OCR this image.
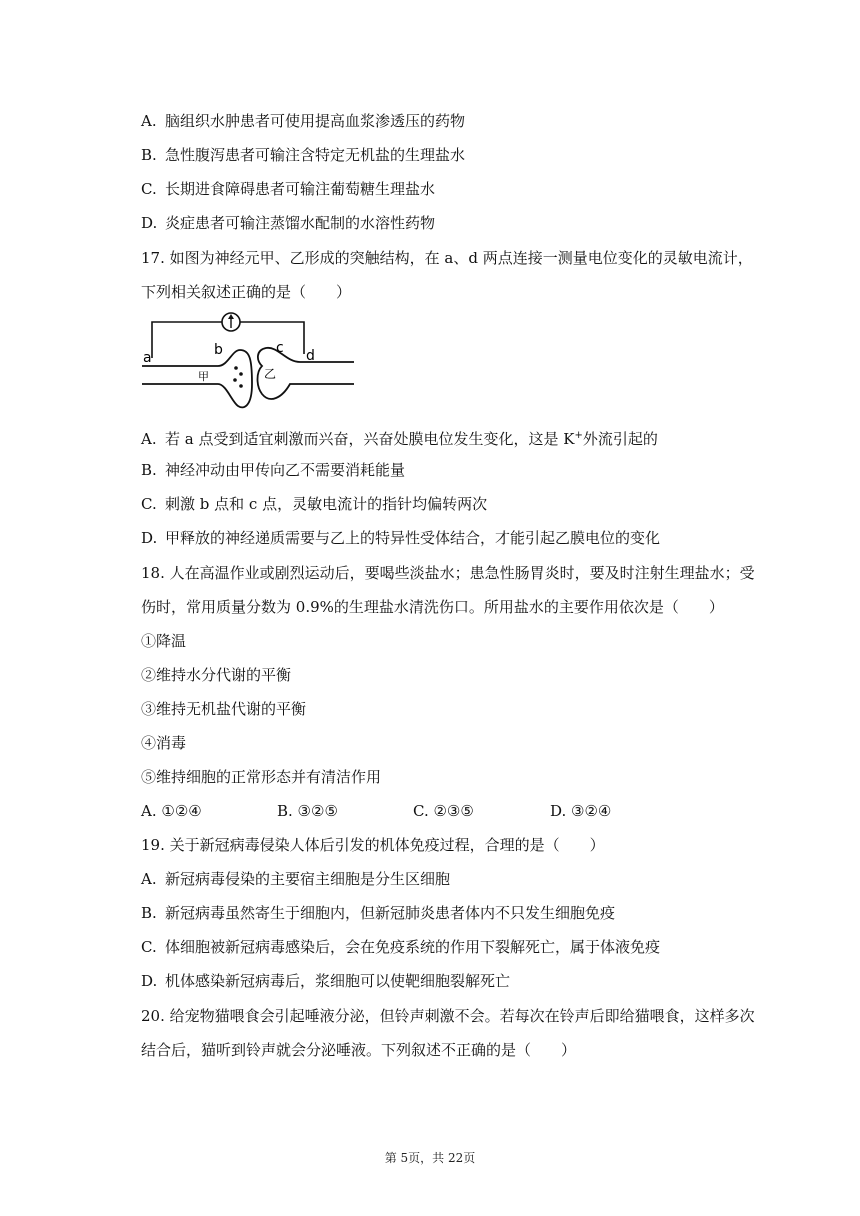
A. 脑组织水肿患者可使用提高血浆渗透压的药物
B. 急性腹泻患者可输注含特定无机盐的生理盐水
C. 长期进食障碍患者可输注葡萄糖生理盐水
D. 炎症患者可输注蒸馏水配制的水溶性药物
17. 如图为神经元甲、乙形成的突触结构，在 a、d 两点连接一测量电位变化的灵敏电流计，
下列相关叙述正确的是（　　）
a	b	c d
甲	乙
A. 若 a 点受到适宜刺激而兴奋，兴奋处膜电位发生变化，这是 K+外流引起的
B. 神经冲动由甲传向乙不需要消耗能量
C. 刺激 b 点和 c 点，灵敏电流计的指针均偏转两次
D. 甲释放的神经递质需要与乙上的特异性受体结合，才能引起乙膜电位的变化
18. 人在高温作业或剧烈运动后，要喝些淡盐水；患急性肠胃炎时，要及时注射生理盐水；受
伤时，常用质量分数为 0.9%的生理盐水清洗伤口。所用盐水的主要作用依次是（　　）
①降温
②维持水分代谢的平衡
③维持无机盐代谢的平衡
④消毒
⑤维持细胞的正常形态并有清洁作用
A. ①②④	B. ③②⑤	C. ②③⑤	D. ③②④
19. 关于新冠病毒侵染人体后引发的机体免疫过程，合理的是（　　）
A. 新冠病毒侵染的主要宿主细胞是分生区细胞
B. 新冠病毒虽然寄生于细胞内，但新冠肺炎患者体内不只发生细胞免疫
C. 体细胞被新冠病毒感染后，会在免疫系统的作用下裂解死亡，属于体液免疫
D. 机体感染新冠病毒后，浆细胞可以使靶细胞裂解死亡
20. 给宠物猫喂食会引起唾液分泌，但铃声刺激不会。若每次在铃声后即给猫喂食，这样多次
结合后，猫听到铃声就会分泌唾液。下列叙述不正确的是（　　）
第 5页，共 22页
